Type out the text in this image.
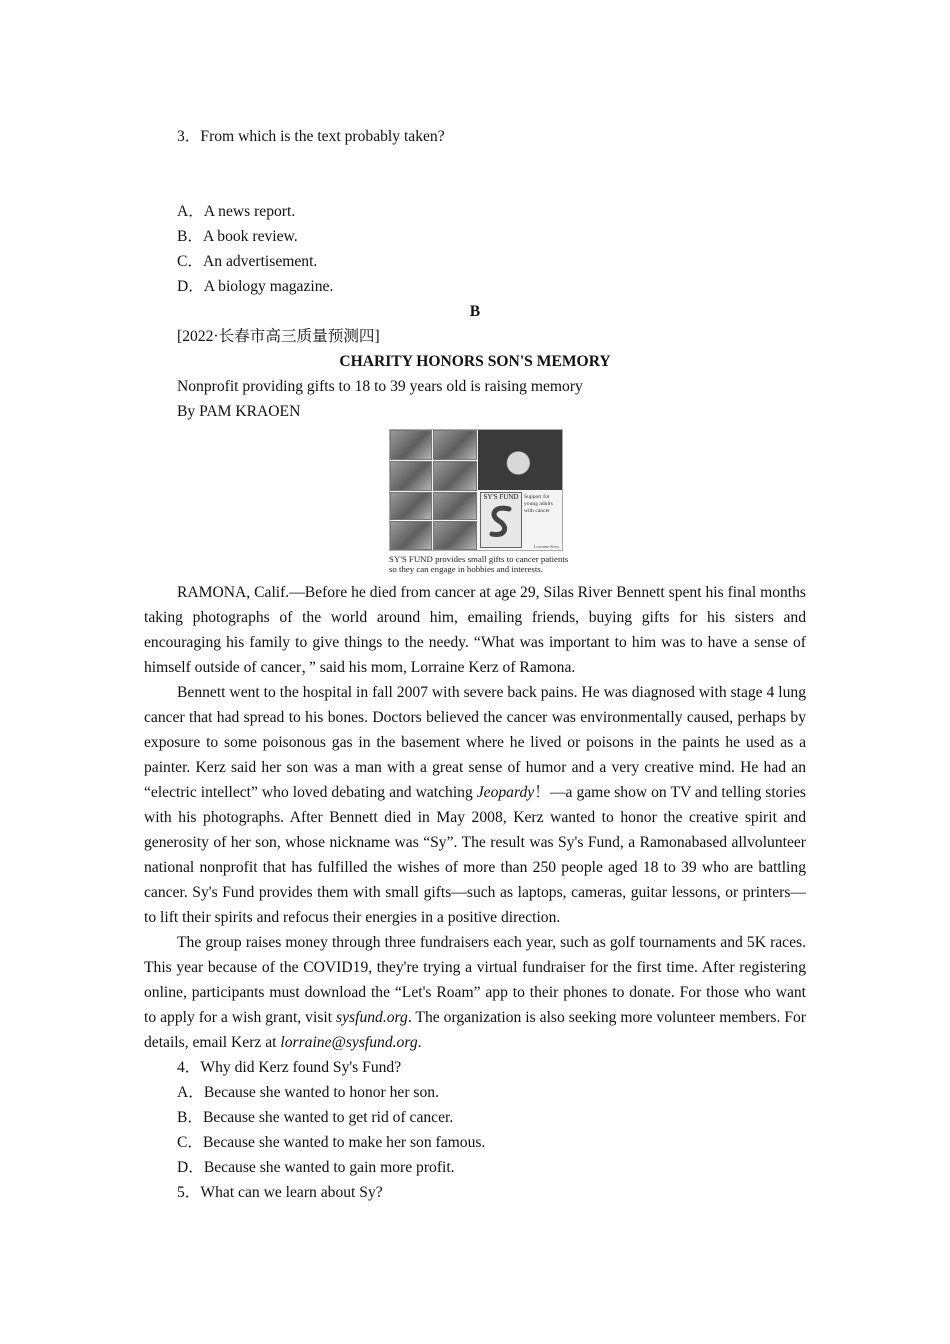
3．From which is the text probably taken?
A．A news report.
B．A book review.
C．An advertisement.
D．A biology magazine.
B
[2022·长春市高三质量预测四]
CHARITY HONORS SON'S MEMORY
Nonprofit providing gifts to 18 to 39 years old is raising memory
By PAM KRAOEN
SY'S FUND Support for young adults with cancer
Lorraine Kerz
SY'S FUND provides small gifts to cancer patients
so they can engage in hobbies and interests.

RAMONA, Calif.—Before he died from cancer at age 29, Silas River Bennett spent his final months taking photographs of the world around him, emailing friends, buying gifts for his sisters and encouraging his family to give things to the needy. “What was important to him was to have a sense of himself outside of cancer，” said his mom, Lorraine Kerz of Ramona.

Bennett went to the hospital in fall 2007 with severe back pains. He was diagnosed with stage 4 lung cancer that had spread to his bones. Doctors believed the cancer was environmentally caused, perhaps by exposure to some poisonous gas in the basement where he lived or poisons in the paints he used as a painter. Kerz said her son was a man with a great sense of humor and a very creative mind. He had an “electric intellect” who loved debating and watching Jeopardy！—a game show on TV and telling stories with his photographs. After Bennett died in May 2008, Kerz wanted to honor the creative spirit and generosity of her son, whose nickname was “Sy”. The result was Sy's Fund, a Ramonabased allvolunteer national nonprofit that has fulfilled the wishes of more than 250 people aged 18 to 39 who are battling cancer. Sy's Fund provides them with small gifts—such as laptops, cameras, guitar lessons, or printers—to lift their spirits and refocus their energies in a positive direction.

The group raises money through three fundraisers each year, such as golf tournaments and 5K races. This year because of the COVID19, they're trying a virtual fundraiser for the first time. After registering online, participants must download the “Let's Roam” app to their phones to donate. For those who want to apply for a wish grant, visit sysfund.org. The organization is also seeking more volunteer members. For details, email Kerz at lorraine@sysfund.org.

4．Why did Kerz found Sy's Fund?
A．Because she wanted to honor her son.
B．Because she wanted to get rid of cancer.
C．Because she wanted to make her son famous.
D．Because she wanted to gain more profit.
5．What can we learn about Sy?
